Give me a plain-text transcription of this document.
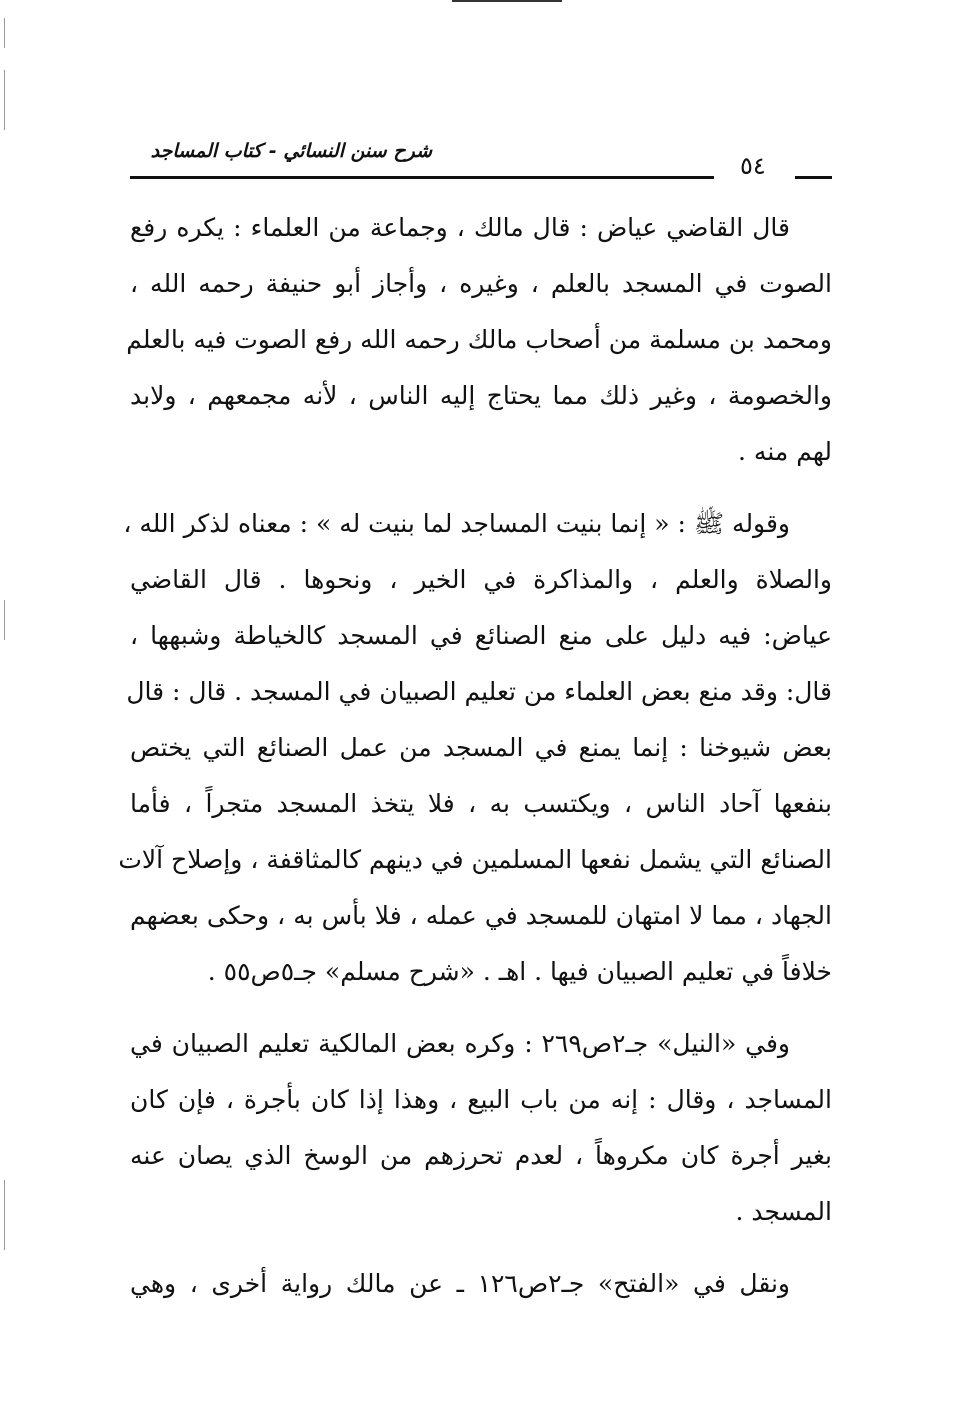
شرح سنن النسائي - كتاب المساجد
٥٤
قال القاضي عياض : قال مالك ، وجماعة من العلماء : يكره رفع
الصوت في المسجد بالعلم ، وغيره ، وأجاز أبو حنيفة رحمه الله ،
ومحمد بن مسلمة من أصحاب مالك رحمه الله رفع الصوت فيه بالعلم
والخصومة ، وغير ذلك مما يحتاج إليه الناس ، لأنه مجمعهم ، ولابد
لهم منه .
وقوله ﷺ : « إنما بنيت المساجد لما بنيت له » : معناه لذكر الله ،
والصلاة والعلم ، والمذاكرة في الخير ، ونحوها . قال القاضي
عياض: فيه دليل على منع الصنائع في المسجد كالخياطة وشبهها ،
قال: وقد منع بعض العلماء من تعليم الصبيان في المسجد . قال : قال
بعض شيوخنا : إنما يمنع في المسجد من عمل الصنائع التي يختص
بنفعها آحاد الناس ، ويكتسب به ، فلا يتخذ المسجد متجراً ، فأما
الصنائع التي يشمل نفعها المسلمين في دينهم كالمثاقفة ، وإصلاح آلات
الجهاد ، مما لا امتهان للمسجد في عمله ، فلا بأس به ، وحكى بعضهم
خلافاً في تعليم الصبيان فيها . اهـ . «شرح مسلم» جـ٥ص٥٥ .
وفي «النيل» جـ٢ص٢٦٩ : وكره بعض المالكية تعليم الصبيان في
المساجد ، وقال : إنه من باب البيع ، وهذا إذا كان بأجرة ، فإن كان
بغير أجرة كان مكروهاً ، لعدم تحرزهم من الوسخ الذي يصان عنه
المسجد .
ونقل في «الفتح» جـ٢ص١٢٦ ـ عن مالك رواية أخرى ، وهي
